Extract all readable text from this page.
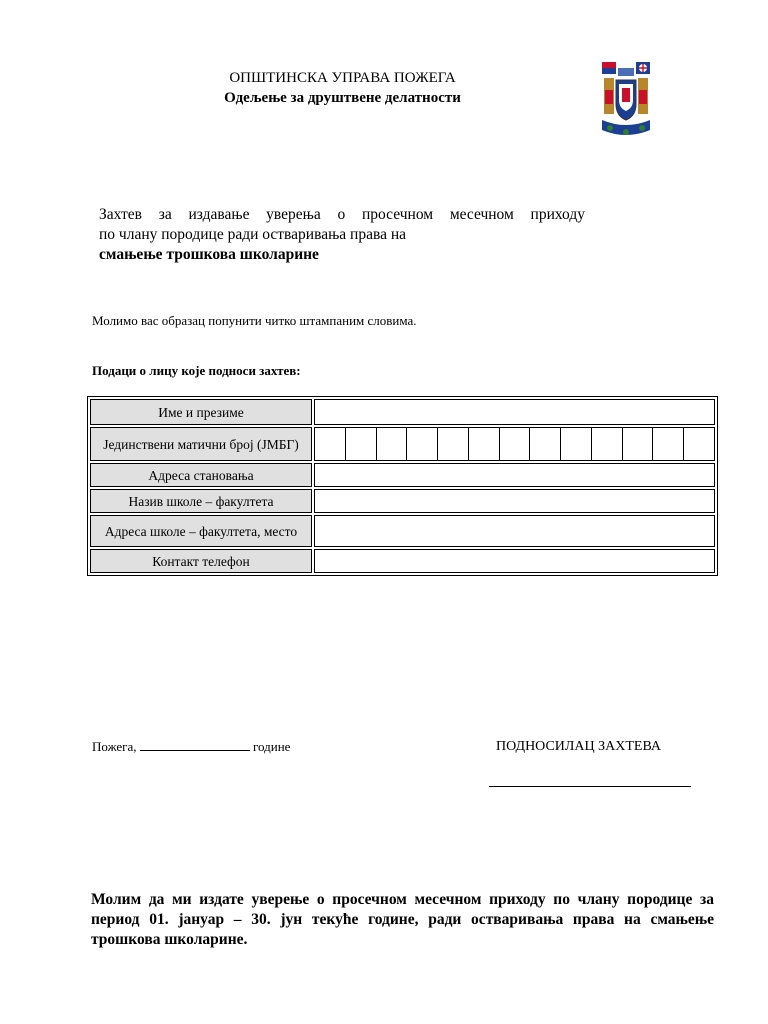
ОПШТИНСКА УПРАВА ПОЖЕГА
Одељење за друштвене делатности
Захтев за издавање уверења о просечном месечном приходу
по члану породице ради остваривања права на
смањење трошкова школарине
Молимо вас образац попунити читко штампаним словима.
Подаци о лицу које подноси захтев:
Име и презиме	
Јединствени матични број (ЈМБГ)	

Адреса становања	
Назив школе – факултета	
Адреса школе – факултета, место	
Контакт телефон	
Пожега,	године	ПОДНОСИЛАЦ ЗАХТЕВА
Молим да ми издате уверење о просечном месечном приходу по члану породице за период 01. јануар – 30. јун текуће године, ради остваривања права на смањење трошкова школарине.
